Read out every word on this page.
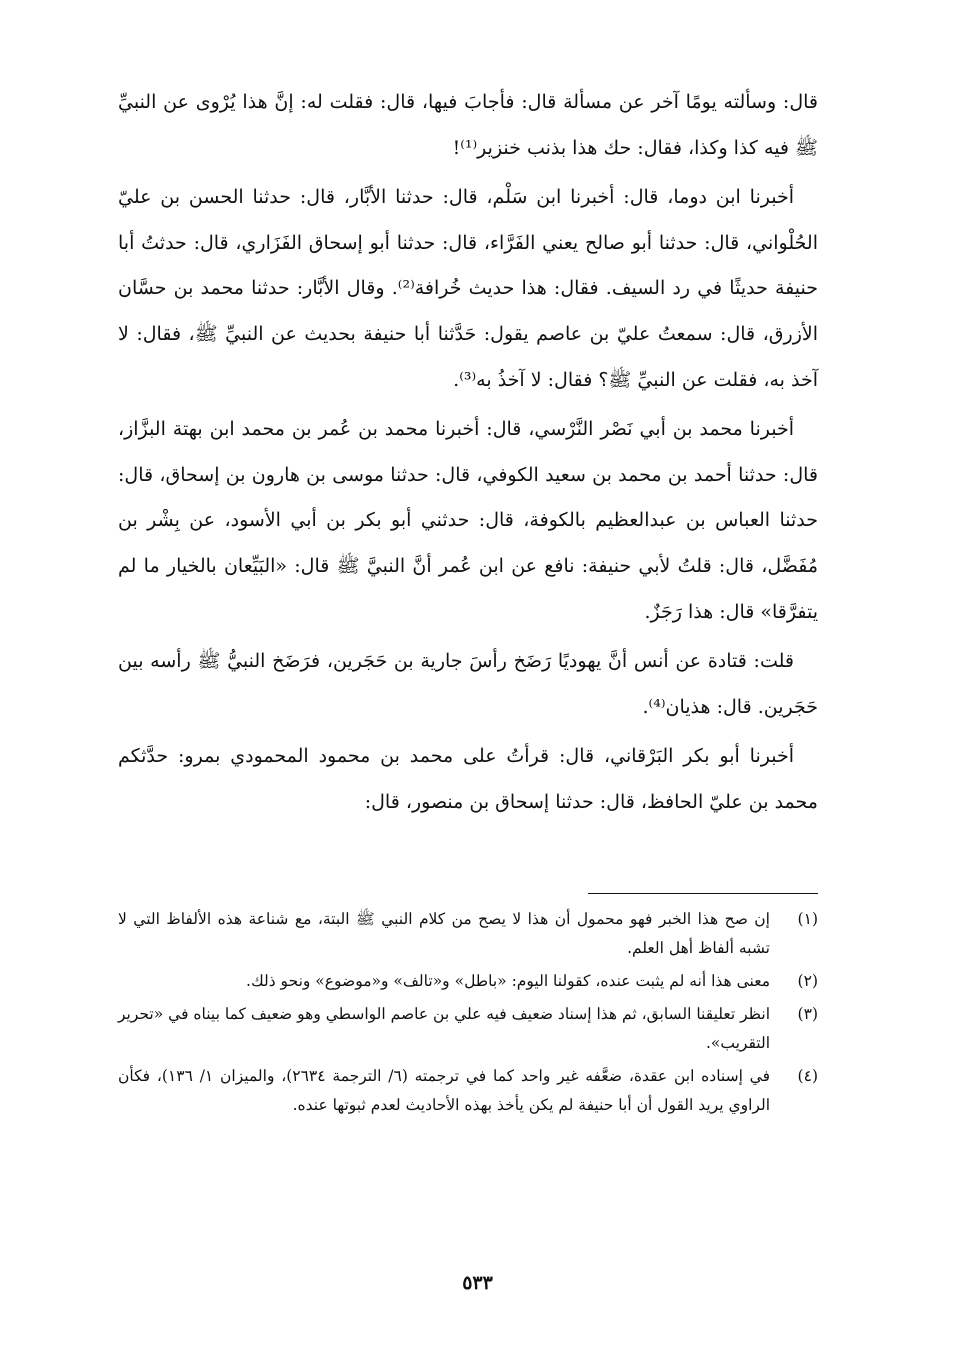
قال: وسألته يومًا آخر عن مسألة قال: فأجابَ فيها، قال: فقلت له: إنَّ هذا يُرْوى عن النبيِّ ﷺ فيه كذا وكذا، فقال: حك هذا بذنب خنزير⁽¹⁾!

أخبرنا ابن دوما، قال: أخبرنا ابن سَلْم، قال: حدثنا الأبَّار، قال: حدثنا الحسن بن عليّ الحُلْواني، قال: حدثنا أبو صالح يعني الفَرَّاء، قال: حدثنا أبو إسحاق الفَزَاري، قال: حدثتُ أبا حنيفة حديثًا في رد السيف. فقال: هذا حديث خُرافة⁽²⁾. وقال الأبَّار: حدثنا محمد بن حسَّان الأزرق، قال: سمعتُ عليّ بن عاصم يقول: حَدَّثنا أبا حنيفة بحديث عن النبيِّ ﷺ، فقال: لا آخذ به، فقلت عن النبيِّ ﷺ؟ فقال: لا آخذُ به⁽³⁾.

أخبرنا محمد بن أبي نَصْر النَّرْسي، قال: أخبرنا محمد بن عُمر بن محمد ابن بهتة البزَّاز، قال: حدثنا أحمد بن محمد بن سعيد الكوفي، قال: حدثنا موسى بن هارون بن إسحاق، قال: حدثنا العباس بن عبدالعظيم بالكوفة، قال: حدثني أبو بكر بن أبي الأسود، عن بِشْر بن مُفَضَّل، قال: قلتُ لأبي حنيفة: نافع عن ابن عُمر أنَّ النبيَّ ﷺ قال: «البَيِّعان بالخيار ما لم يتفرَّقا» قال: هذا رَجَزٌ.

قلت: قتادة عن أنس أنَّ يهوديًا رَضَخ رأسَ جارية بن حَجَرين، فرَضَخ النبيُّ ﷺ رأسه بين حَجَرين. قال: هذيان⁽⁴⁾.

أخبرنا أبو بكر البَرْقاني، قال: قرأتُ على محمد بن محمود المحمودي بمرو: حدَّثكم محمد بن عليّ الحافظ، قال: حدثنا إسحاق بن منصور، قال:

(١)
إن صح هذا الخبر فهو محمول أن هذا لا يصح من كلام النبي ﷺ البتة، مع شناعة هذه الألفاظ التي لا تشبه ألفاظ أهل العلم.
(٢)
معنى هذا أنه لم يثبت عنده، كقولنا اليوم: «باطل» و«تالف» و«موضوع» ونحو ذلك.
(٣)
انظر تعليقنا السابق، ثم هذا إسناد ضعيف فيه علي بن عاصم الواسطي وهو ضعيف كما بيناه في «تحرير التقريب».
(٤)
في إسناده ابن عقدة، ضعَّفه غير واحد كما في ترجمته (٦/ الترجمة ٢٦٣٤)، والميزان ١/ ١٣٦)، فكأن الراوي يريد القول أن أبا حنيفة لم يكن يأخذ بهذه الأحاديث لعدم ثبوتها عنده.
٥٣٣
